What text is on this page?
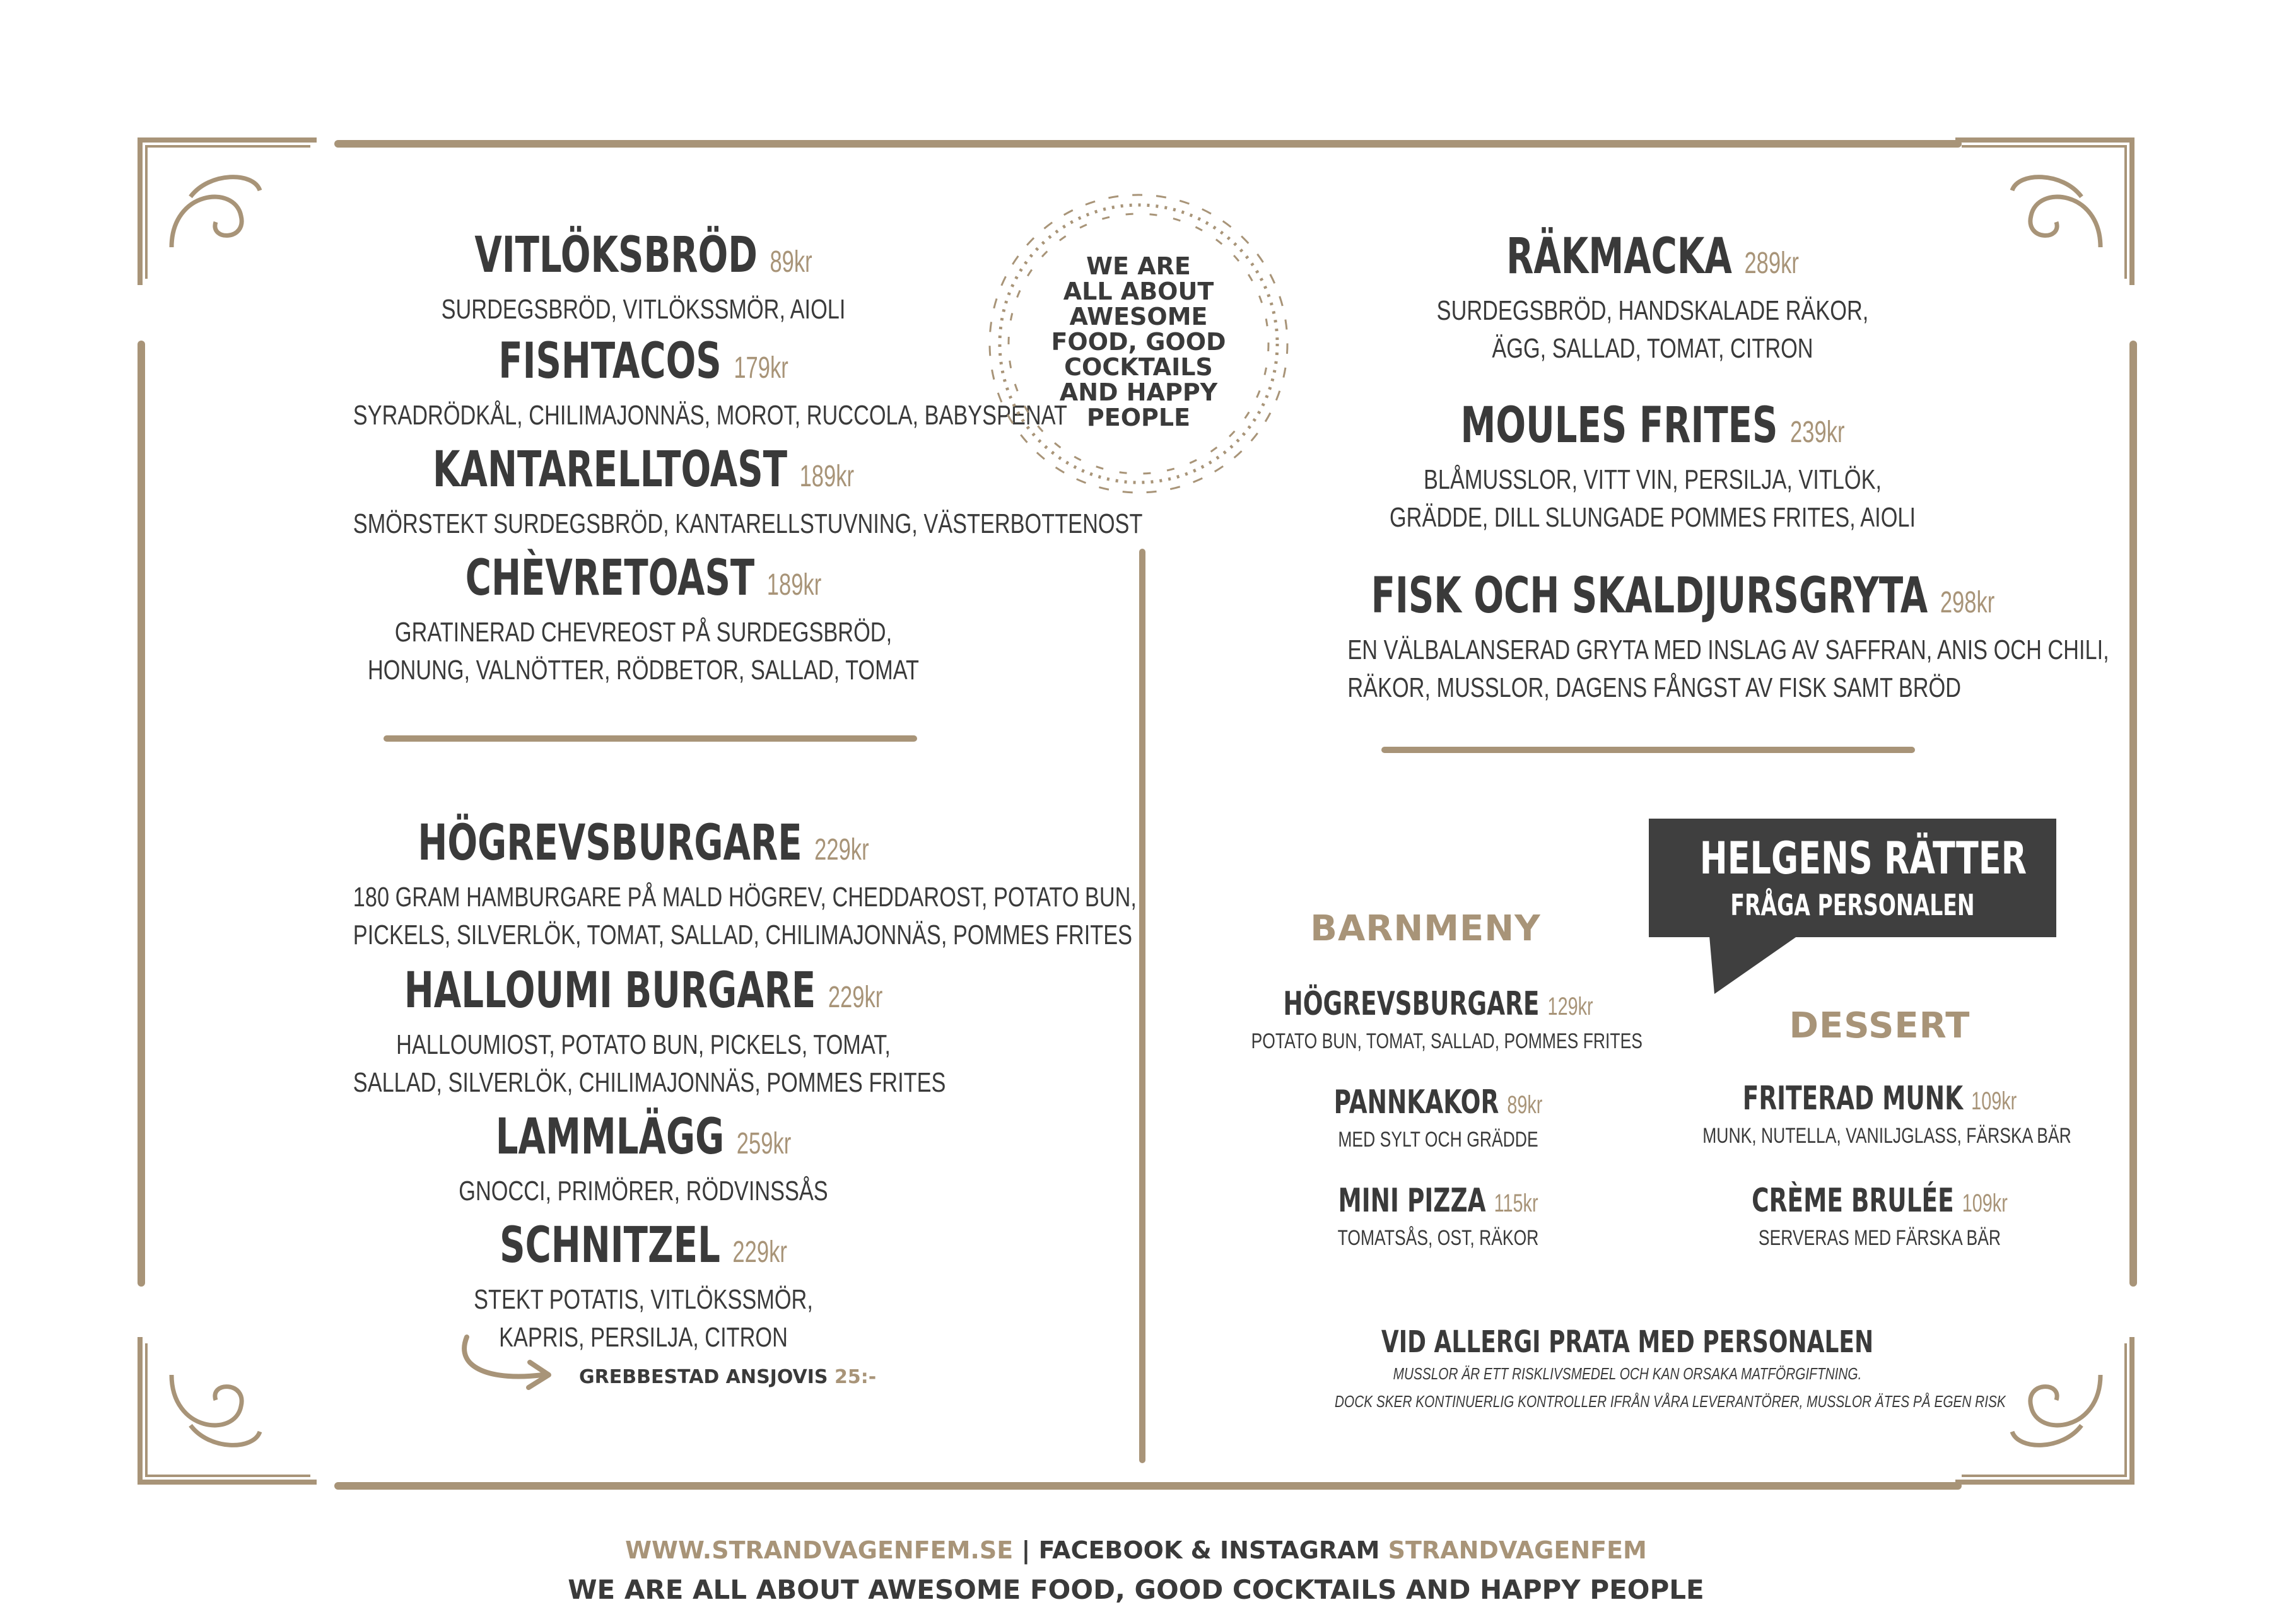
VITLÖKSBRÖD 89kr
SURDEGSBRÖD, VITLÖKSSMÖR, AIOLI
FISHTACOS 179kr
SYRADRÖDKÅL, CHILIMAJONNÄS, MOROT, RUCCOLA, BABYSPENAT
KANTARELLTOAST 189kr
SMÖRSTEKT SURDEGSBRÖD, KANTARELLSTUVNING, VÄSTERBOTTENOST
CHÈVRETOAST 189kr
GRATINERAD CHEVREOST PÅ SURDEGSBRÖD,
HONUNG, VALNÖTTER, RÖDBETOR, SALLAD, TOMAT
HÖGREVSBURGARE 229kr
180 GRAM HAMBURGARE PÅ MALD HÖGREV, CHEDDAROST, POTATO BUN,
PICKELS, SILVERLÖK, TOMAT, SALLAD, CHILIMAJONNÄS, POMMES FRITES
HALLOUMI BURGARE 229kr
HALLOUMIOST, POTATO BUN, PICKELS, TOMAT,
SALLAD, SILVERLÖK, CHILIMAJONNÄS, POMMES FRITES
LAMMLÄGG 259kr
GNOCCI, PRIMÖRER, RÖDVINSSÅS
SCHNITZEL 229kr
STEKT POTATIS, VITLÖKSSMÖR,
KAPRIS, PERSILJA, CITRON
GREBBESTAD ANSJOVIS 25:-
WE ARE
ALL ABOUT
AWESOME
FOOD, GOOD
COCKTAILS
AND HAPPY
PEOPLE
RÄKMACKA 289kr
SURDEGSBRÖD, HANDSKALADE RÄKOR,
ÄGG, SALLAD, TOMAT, CITRON
MOULES FRITES 239kr
BLÅMUSSLOR, VITT VIN, PERSILJA, VITLÖK,
GRÄDDE, DILL SLUNGADE POMMES FRITES, AIOLI
FISK OCH SKALDJURSGRYTA 298kr
EN VÄLBALANSERAD GRYTA MED INSLAG AV SAFFRAN, ANIS OCH CHILI,
RÄKOR, MUSSLOR, DAGENS FÅNGST AV FISK SAMT BRÖD
HELGENS RÄTTER
FRÅGA PERSONALEN
BARNMENY
HÖGREVSBURGARE 129kr
POTATO BUN, TOMAT, SALLAD, POMMES FRITES
PANNKAKOR 89kr
MED SYLT OCH GRÄDDE
MINI PIZZA 115kr
TOMATSÅS, OST, RÄKOR
DESSERT
FRITERAD MUNK 109kr
MUNK, NUTELLA, VANILJGLASS, FÄRSKA BÄR
CRÈME BRULÉE 109kr
SERVERAS MED FÄRSKA BÄR
VID ALLERGI PRATA MED PERSONALEN
MUSSLOR ÄR ETT RISKLIVSMEDEL OCH KAN ORSAKA MATFÖRGIFTNING.
DOCK SKER KONTINUERLIG KONTROLLER IFRÅN VÅRA LEVERANTÖRER, MUSSLOR ÄTES PÅ EGEN RISK
WWW.STRANDVAGENFEM.SE | FACEBOOK & INSTAGRAM STRANDVAGENFEM
WE ARE ALL ABOUT AWESOME FOOD, GOOD COCKTAILS AND HAPPY PEOPLE
